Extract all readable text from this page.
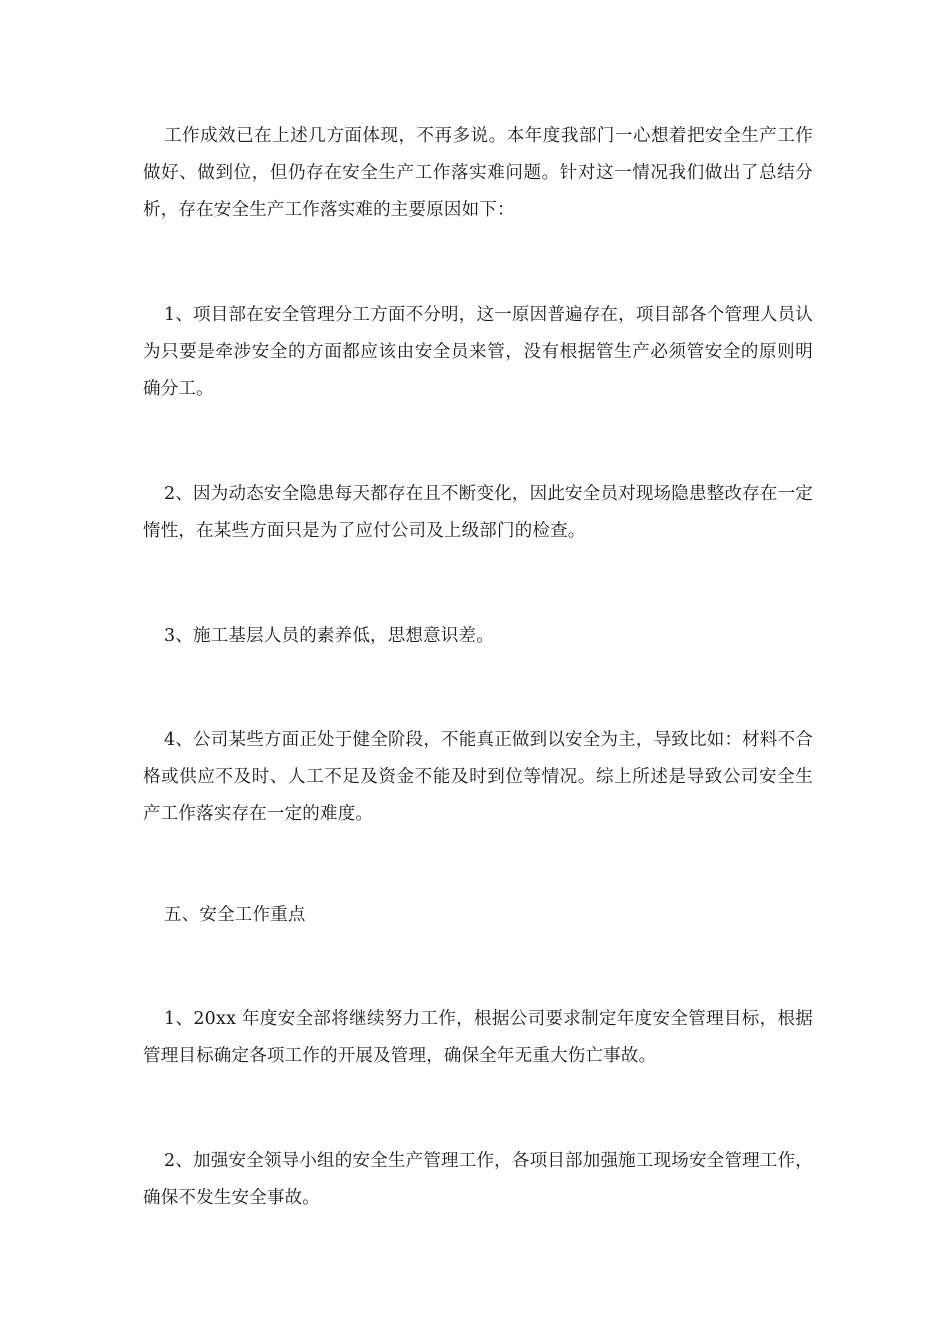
工作成效已在上述几方面体现，不再多说。本年度我部门一心想着把安全生产工作做好、做到位，但仍存在安全生产工作落实难问题。针对这一情况我们做出了总结分析，存在安全生产工作落实难的主要原因如下：

1、项目部在安全管理分工方面不分明，这一原因普遍存在，项目部各个管理人员认为只要是牵涉安全的方面都应该由安全员来管，没有根据管生产必须管安全的原则明确分工。

2、因为动态安全隐患每天都存在且不断变化，因此安全员对现场隐患整改存在一定惰性，在某些方面只是为了应付公司及上级部门的检查。

3、施工基层人员的素养低，思想意识差。

4、公司某些方面正处于健全阶段，不能真正做到以安全为主，导致比如：材料不合格或供应不及时、人工不足及资金不能及时到位等情况。综上所述是导致公司安全生产工作落实存在一定的难度。

五、安全工作重点

1、20xx 年度安全部将继续努力工作，根据公司要求制定年度安全管理目标，根据管理目标确定各项工作的开展及管理，确保全年无重大伤亡事故。

2、加强安全领导小组的安全生产管理工作，各项目部加强施工现场安全管理工作，确保不发生安全事故。
